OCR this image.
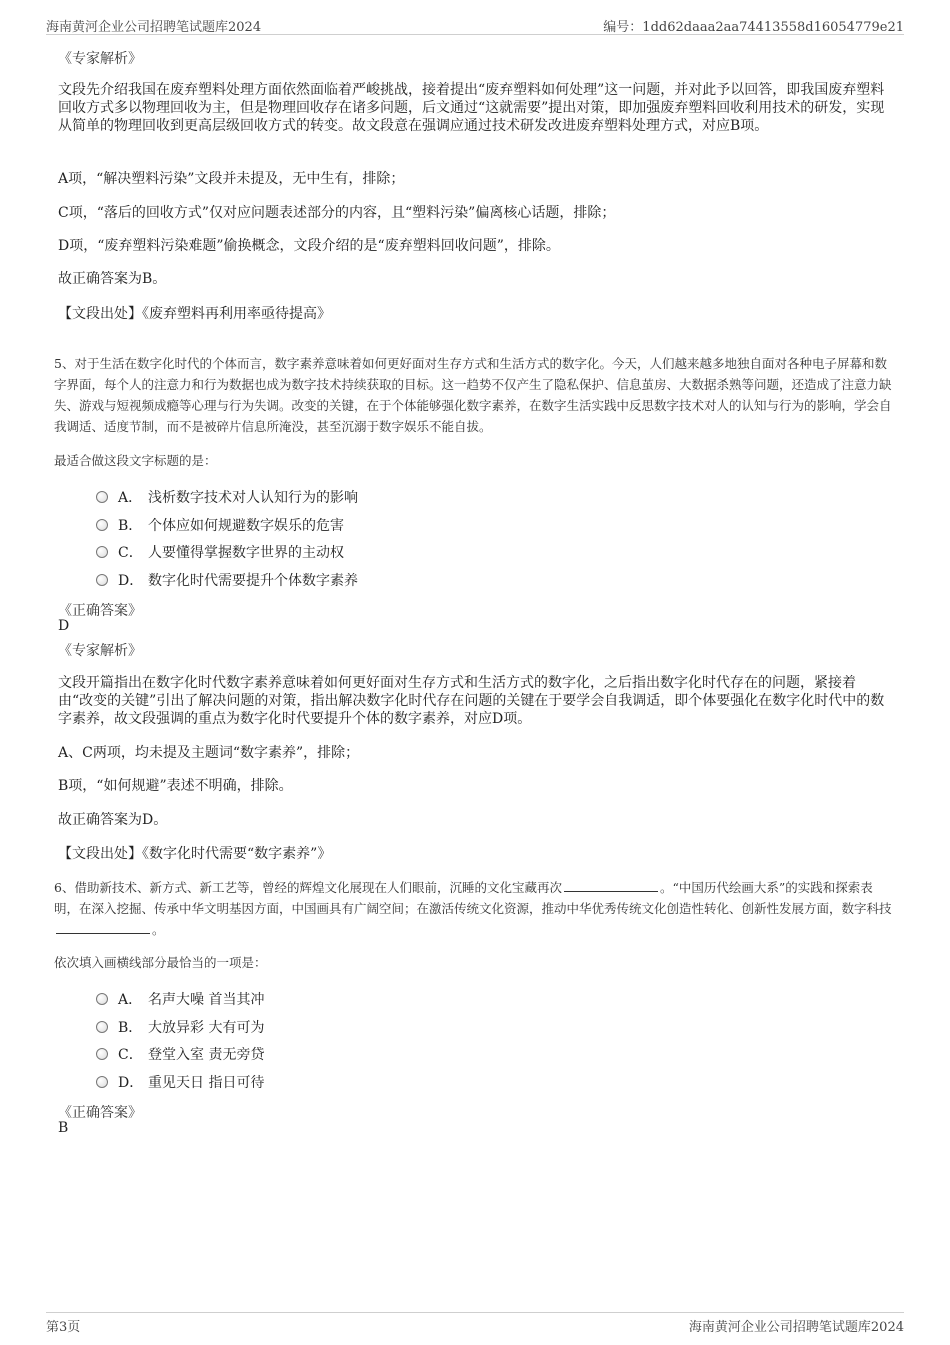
海南黄河企业公司招聘笔试题库2024	编号：1dd62daaa2aa74413558d16054779e21
《专家解析》
文段先介绍我国在废弃塑料处理方面依然面临着严峻挑战，接着提出“废弃塑料如何处理”这一问题，并对此予以回答，即我国废弃塑料回收方式多以物理回收为主，但是物理回收存在诸多问题，后文通过“这就需要”提出对策，即加强废弃塑料回收利用技术的研发，实现从简单的物理回收到更高层级回收方式的转变。故文段意在强调应通过技术研发改进废弃塑料处理方式，对应B项。
A项，“解决塑料污染”文段并未提及，无中生有，排除；
C项，“落后的回收方式”仅对应问题表述部分的内容，且“塑料污染”偏离核心话题，排除；
D项，“废弃塑料污染难题”偷换概念，文段介绍的是“废弃塑料回收问题”，排除。
故正确答案为B。
【文段出处】《废弃塑料再利用率亟待提高》
5、对于生活在数字化时代的个体而言，数字素养意味着如何更好面对生存方式和生活方式的数字化。今天，人们越来越多地独自面对各种电子屏幕和数字界面，每个人的注意力和行为数据也成为数字技术持续获取的目标。这一趋势不仅产生了隐私保护、信息茧房、大数据杀熟等问题，还造成了注意力缺失、游戏与短视频成瘾等心理与行为失调。改变的关键，在于个体能够强化数字素养，在数字生活实践中反思数字技术对人的认知与行为的影响，学会自我调适、适度节制，而不是被碎片信息所淹没，甚至沉溺于数字娱乐不能自拔。
最适合做这段文字标题的是：
A． 浅析数字技术对人认知行为的影响
B． 个体应如何规避数字娱乐的危害
C． 人要懂得掌握数字世界的主动权
D． 数字化时代需要提升个体数字素养
《正确答案》
D
《专家解析》
文段开篇指出在数字化时代数字素养意味着如何更好面对生存方式和生活方式的数字化，之后指出数字化时代存在的问题，紧接着由“改变的关键”引出了解决问题的对策，指出解决数字化时代存在问题的关键在于要学会自我调适，即个体要强化在数字化时代中的数字素养，故文段强调的重点为数字化时代要提升个体的数字素养，对应D项。
A、C两项，均未提及主题词“数字素养”，排除；
B项，“如何规避”表述不明确，排除。
故正确答案为D。
【文段出处】《数字化时代需要“数字素养”》
6、借助新技术、新方式、新工艺等，曾经的辉煌文化展现在人们眼前，沉睡的文化宝藏再次	。“中国历代绘画大系”的实践和探索表明，在深入挖掘、传承中华文明基因方面，中国画具有广阔空间；在激活传统文化资源，推动中华优秀传统文化创造性转化、创新性发展方面，数字科技。
依次填入画横线部分最恰当的一项是：
A． 名声大噪 首当其冲
B． 大放异彩 大有可为
C． 登堂入室 责无旁贷
D． 重见天日 指日可待
《正确答案》
B
第3页	海南黄河企业公司招聘笔试题库2024
